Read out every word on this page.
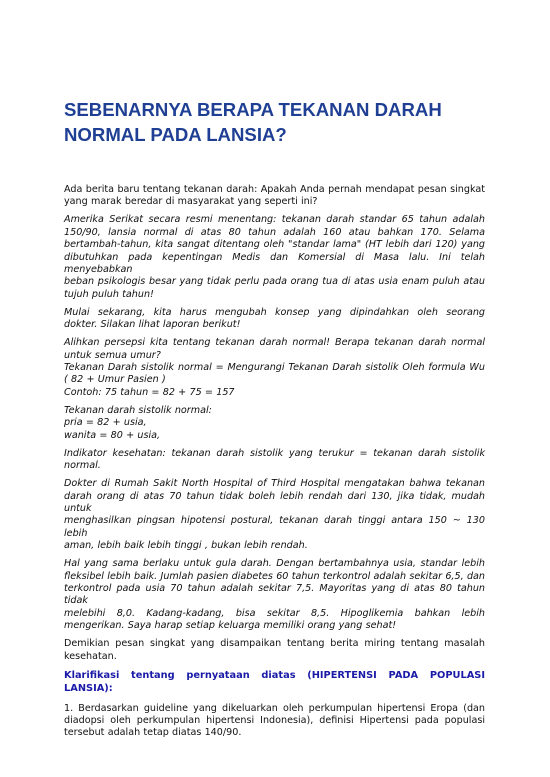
SEBENARNYA BERAPA TEKANAN DARAH
NORMAL PADA LANSIA?

Ada berita baru tentang tekanan darah: Apakah Anda pernah mendapat pesan singkat
yang marak beredar di masyarakat yang seperti ini?

Amerika Serikat secara resmi menentang: tekanan darah standar 65 tahun adalah
150/90, lansia normal di atas 80 tahun adalah 160 atau bahkan 170. Selama
bertambah-tahun, kita sangat ditentang oleh "standar lama" (HT lebih dari 120) yang
dibutuhkan pada kepentingan Medis dan Komersial di Masa lalu. Ini telah menyebabkan
beban psikologis besar yang tidak perlu pada orang tua di atas usia enam puluh atau
tujuh puluh tahun!

Mulai sekarang, kita harus mengubah konsep yang dipindahkan oleh seorang
dokter. Silakan lihat laporan berikut!

Alihkan persepsi kita tentang tekanan darah normal! Berapa tekanan darah normal
untuk semua umur?
Tekanan Darah sistolik normal = Mengurangi Tekanan Darah sistolik Oleh formula Wu
( 82 + Umur Pasien )
Contoh: 75 tahun = 82 + 75 = 157

Tekanan darah sistolik normal:
pria = 82 + usia,
wanita = 80 + usia,

Indikator kesehatan: tekanan darah sistolik yang terukur = tekanan darah sistolik
normal.

Dokter di Rumah Sakit North Hospital of Third Hospital mengatakan bahwa tekanan
darah orang di atas 70 tahun tidak boleh lebih rendah dari 130, jika tidak, mudah untuk
menghasilkan pingsan hipotensi postural, tekanan darah tinggi antara 150 ~ 130 lebih
aman, lebih baik lebih tinggi , bukan lebih rendah.

Hal yang sama berlaku untuk gula darah. Dengan bertambahnya usia, standar lebih
fleksibel lebih baik. Jumlah pasien diabetes 60 tahun terkontrol adalah sekitar 6,5, dan
terkontrol pada usia 70 tahun adalah sekitar 7,5. Mayoritas yang di atas 80 tahun tidak
melebihi 8,0. Kadang-kadang, bisa sekitar 8,5. Hipoglikemia bahkan lebih
mengerikan. Saya harap setiap keluarga memiliki orang yang sehat!

Demikian pesan singkat yang disampaikan tentang berita miring tentang masalah
kesehatan.

Klarifikasi tentang pernyataan diatas (HIPERTENSI PADA POPULASI LANSIA):

1. Berdasarkan guideline yang dikeluarkan oleh perkumpulan hipertensi Eropa (dan
diadopsi oleh perkumpulan hipertensi Indonesia), definisi Hipertensi pada populasi
tersebut adalah tetap diatas 140/90.
